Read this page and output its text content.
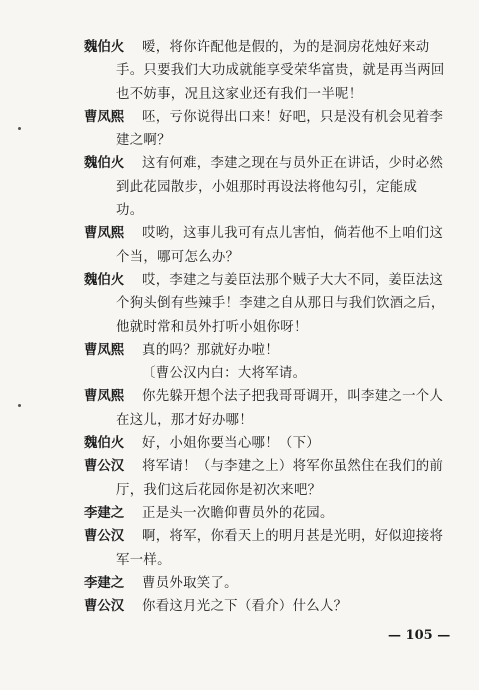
魏伯火 嗳，将你许配他是假的，为的是洞房花烛好来动
手。只要我们大功成就能享受荣华富贵，就是再当两回
也不妨事，况且这家业还有我们一半呢！
曹凤熙 呸，亏你说得出口来！好吧，只是没有机会见着李
建之啊？
魏伯火 这有何难，李建之现在与员外正在讲话，少时必然
到此花园散步，小姐那时再设法将他勾引，定能成
功。
曹凤熙 哎哟，这事儿我可有点儿害怕，倘若他不上咱们这
个当，哪可怎么办？
魏伯火 哎，李建之与姜臣法那个贼子大大不同，姜臣法这
个狗头倒有些辣手！李建之自从那日与我们饮酒之后，
他就时常和员外打听小姐你呀！
曹凤熙 真的吗？那就好办啦！
〔曹公汉内白：大将军请。
曹凤熙 你先躲开想个法子把我哥哥调开，叫李建之一个人
在这儿，那才好办哪！
魏伯火 好，小姐你要当心哪！（下）
曹公汉 将军请！（与李建之上）将军你虽然住在我们的前
厅，我们这后花园你是初次来吧？
李建之 正是头一次瞻仰曹员外的花园。
曹公汉 啊，将军，你看天上的明月甚是光明，好似迎接将
军一样。
李建之 曹员外取笑了。
曹公汉 你看这月光之下（看介）什么人？
— 105 —
